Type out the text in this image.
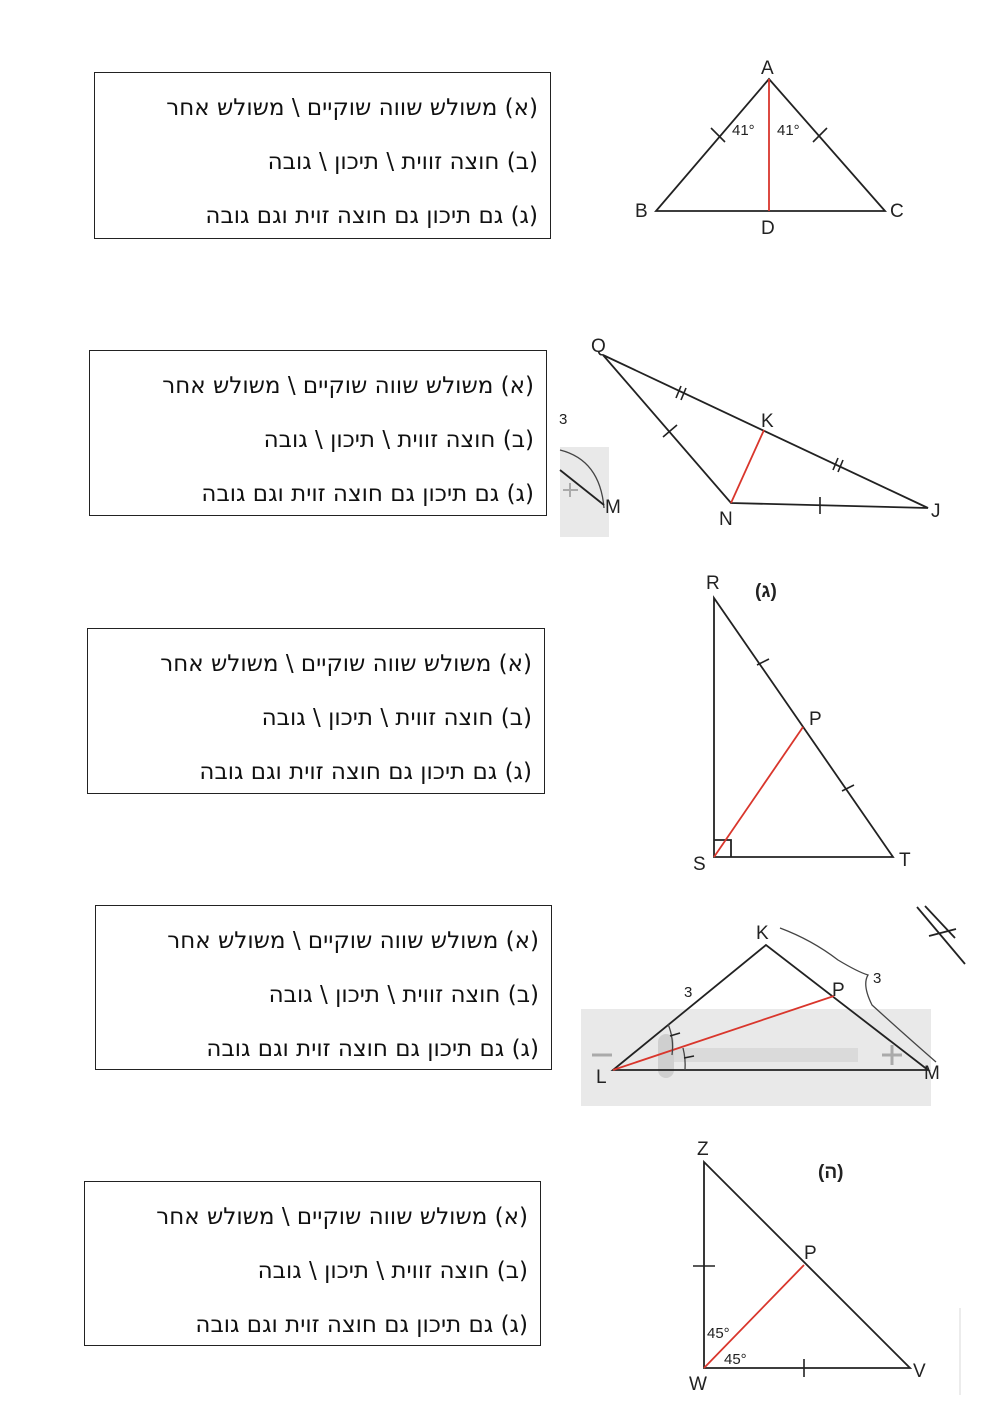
(א) משולש שווה שוקיים \ משולש אחר
(ב) חוצה זווית \ תיכון \ גובה
(ג) גם תיכון גם חוצה זוית וגם גובה
A
B	C
D
41° 41°
(א) משולש שווה שוקיים \ משולש אחר
(ב) חוצה זווית \ תיכון \ גובה
(ג) גם תיכון גם חוצה זוית וגם גובה
3
M
Q
K
N	J
(א) משולש שווה שוקיים \ משולש אחר
(ב) חוצה זווית \ תיכון \ גובה
(ג) גם תיכון גם חוצה זוית וגם גובה
R
P
S	T
(ג)
(א) משולש שווה שוקיים \ משולש אחר
(ב) חוצה זווית \ תיכון \ גובה
(ג) גם תיכון גם חוצה זוית וגם גובה
K
P
L	M
3
3
(א) משולש שווה שוקיים \ משולש אחר
(ב) חוצה זווית \ תיכון \ גובה
(ג) גם תיכון גם חוצה זוית וגם גובה
Z
P
W
V
45°
45°
(ה)
